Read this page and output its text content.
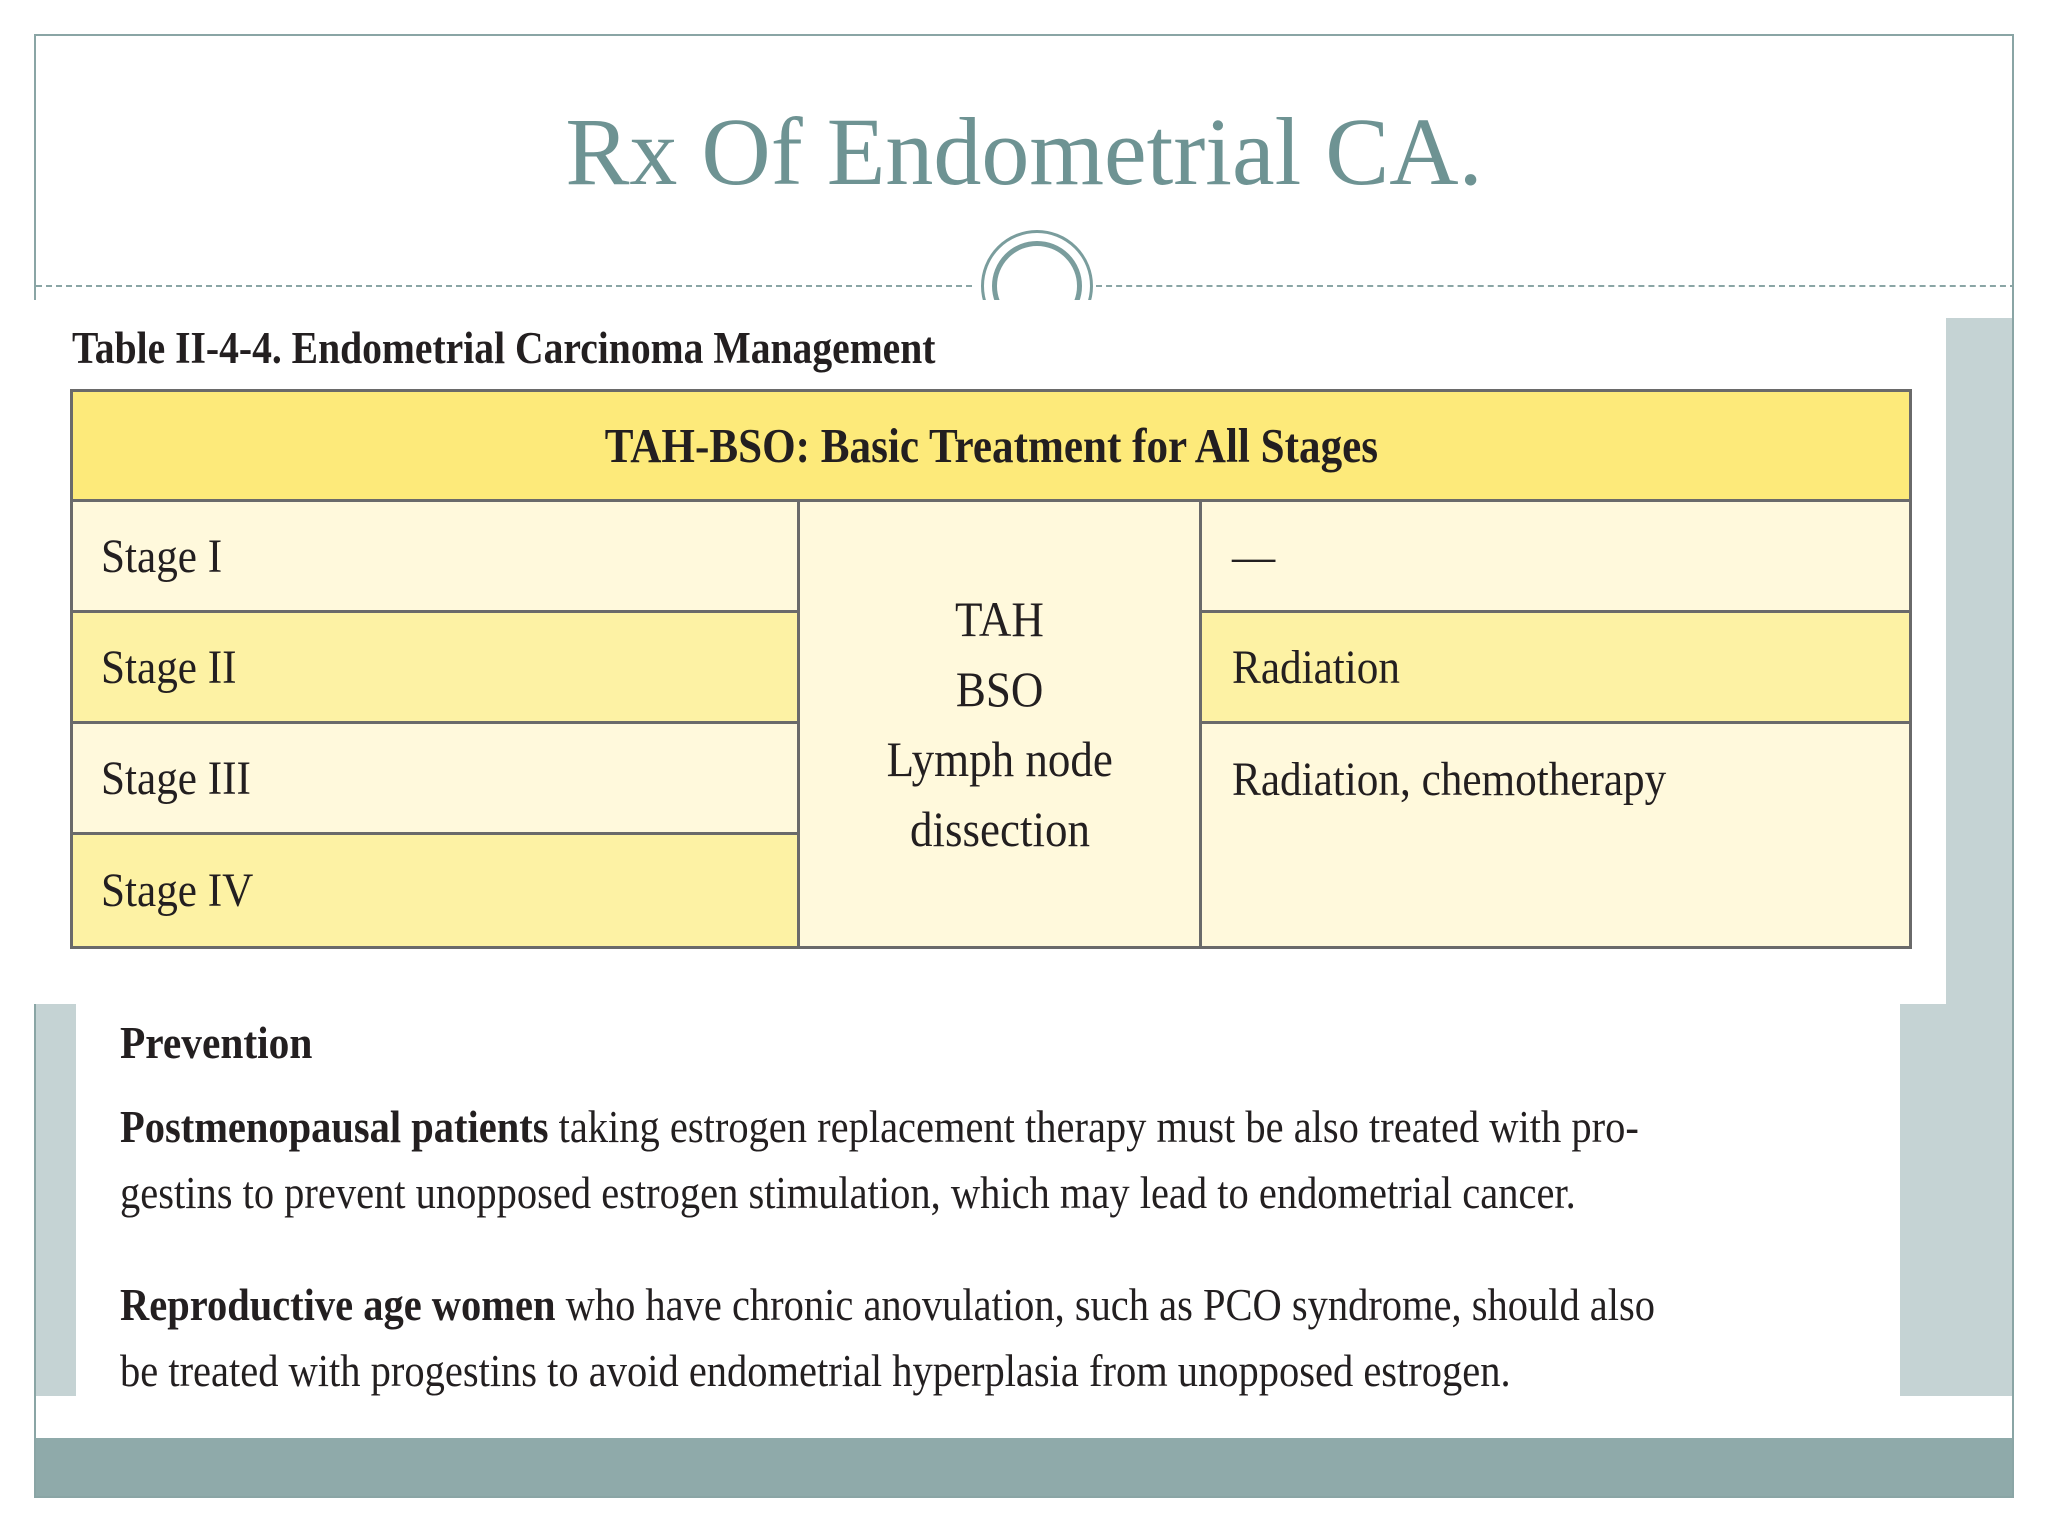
Rx Of Endometrial CA.
Table II-4-4. Endometrial Carcinoma Management
TAH-BSO: Basic Treatment for All Stages
Stage I
Stage II
Stage III
Stage IV
TAH
BSO
Lymph node
dissection
—
Radiation
Radiation, chemotherapy
Prevention
Postmenopausal patients taking estrogen replacement therapy must be also treated with pro-
gestins to prevent unopposed estrogen stimulation, which may lead to endometrial cancer.
Reproductive age women who have chronic anovulation, such as PCO syndrome, should also
be treated with progestins to avoid endometrial hyperplasia from unopposed estrogen.
